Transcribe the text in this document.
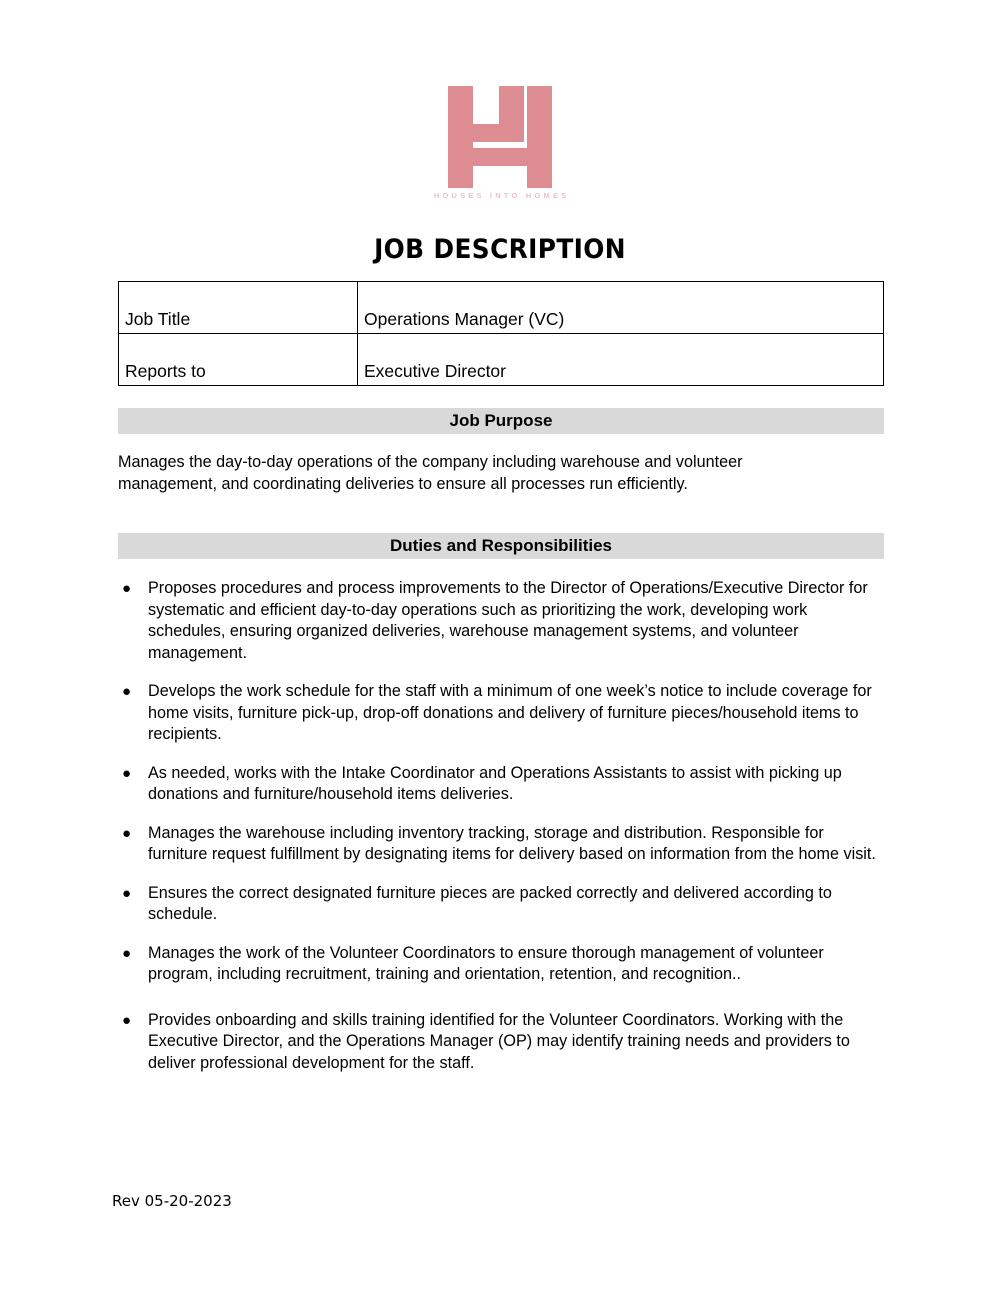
HOUSES INTO HOMES
JOB DESCRIPTION
Job Title	Operations Manager (VC)
Reports to	Executive Director
Job Purpose
Manages the day-to-day operations of the company including warehouse and volunteer management, and coordinating deliveries to ensure all processes run efficiently.
Duties and Responsibilities
● Proposes procedures and process improvements to the Director of Operations/Executive Director for systematic and efficient day-to-day operations such as prioritizing the work, developing work schedules, ensuring organized deliveries, warehouse management systems, and volunteer management.
● Develops the work schedule for the staff with a minimum of one week’s notice to include coverage for home visits, furniture pick-up, drop-off donations and delivery of furniture pieces/household items to recipients.
● As needed, works with the Intake Coordinator and Operations Assistants to assist with picking up donations and furniture/household items deliveries.
● Manages the warehouse including inventory tracking, storage and distribution. Responsible for furniture request fulfillment by designating items for delivery based on information from the home visit.
● Ensures the correct designated furniture pieces are packed correctly and delivered according to schedule.
● Manages the work of the Volunteer Coordinators to ensure thorough management of volunteer program, including recruitment, training and orientation, retention, and recognition..
● Provides onboarding and skills training identified for the Volunteer Coordinators. Working with the Executive Director, and the Operations Manager (OP) may identify training needs and providers to deliver professional development for the staff.
Rev 05-20-2023
